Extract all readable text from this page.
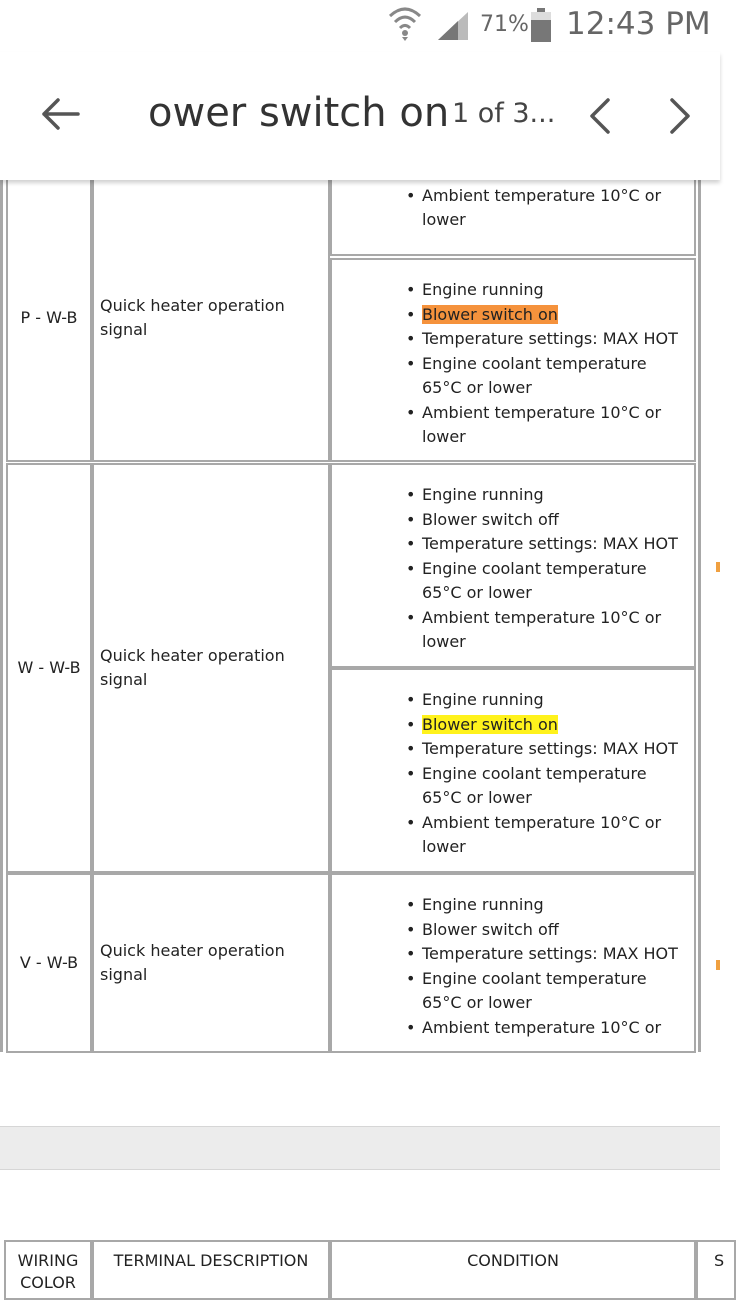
71% 12:43 PM
ower switch on 1 of 3...
P - W-B
Quick heater operation signal
•
• Ambient temperature 10°C or lower
• Engine running
• Blower switch on
• Temperature settings: MAX HOT
• Engine coolant temperature 65°C or lower
• Ambient temperature 10°C or lower
W - W-B
Quick heater operation signal
• Engine running
• Blower switch off
• Temperature settings: MAX HOT
• Engine coolant temperature 65°C or lower
• Ambient temperature 10°C or lower
• Engine running
• Blower switch on
• Temperature settings: MAX HOT
• Engine coolant temperature 65°C or lower
• Ambient temperature 10°C or lower
V - W-B
Quick heater operation signal
• Engine running
• Blower switch off
• Temperature settings: MAX HOT
• Engine coolant temperature 65°C or lower
• Ambient temperature 10°C or
WIRING COLOR
TERMINAL DESCRIPTION	CONDITION	S
